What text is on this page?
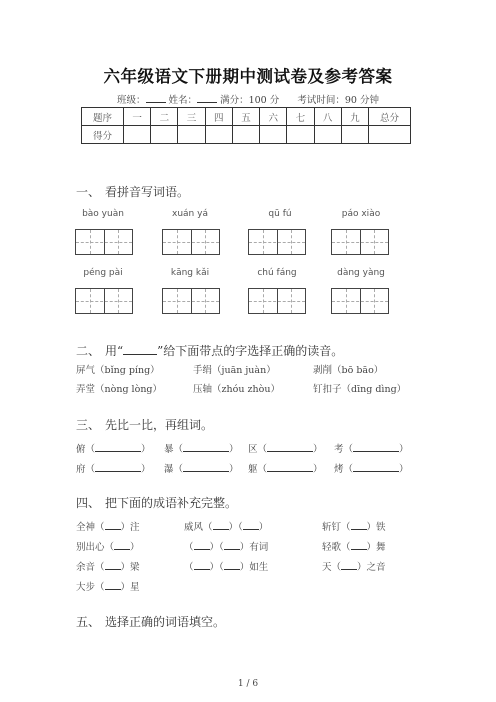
六年级语文下册期中测试卷及参考答案
班级： 姓名： 满分：100 分 考试时间：90 分钟
题序	一	二	三	四	五	六	七	八	九	总分
得分										
一、 看拼音写词语。
bào yuàn	xuán yá	qū fú	páo xiào
péng pài	kāng kǎi	chú fáng	dàng yàng
二、 用“	”给下面带点的字选择正确的读音。
屏气（bǐng píng）	手绢（juān juàn）	剥削（bō bāo）
弄堂（nòng lòng）	压轴（zhóu zhòu）	钉扣子（dīng dìng）
三、 先比一比，再组词。
俯（	） 暴（	） 区（	） 考（	）
府（	） 瀑（	） 躯（	） 烤（	）
四、 把下面的成语补充完整。
全神（ ）注	威风（ ）（ ）	斩钉（ ）铁
别出心（ ）	（ ）（ ）有词	轻歌（ ）舞
余音（ ）梁	（ ）（ ）如生	天（ ）之音
大步（ ）星
五、 选择正确的词语填空。
1 / 6
